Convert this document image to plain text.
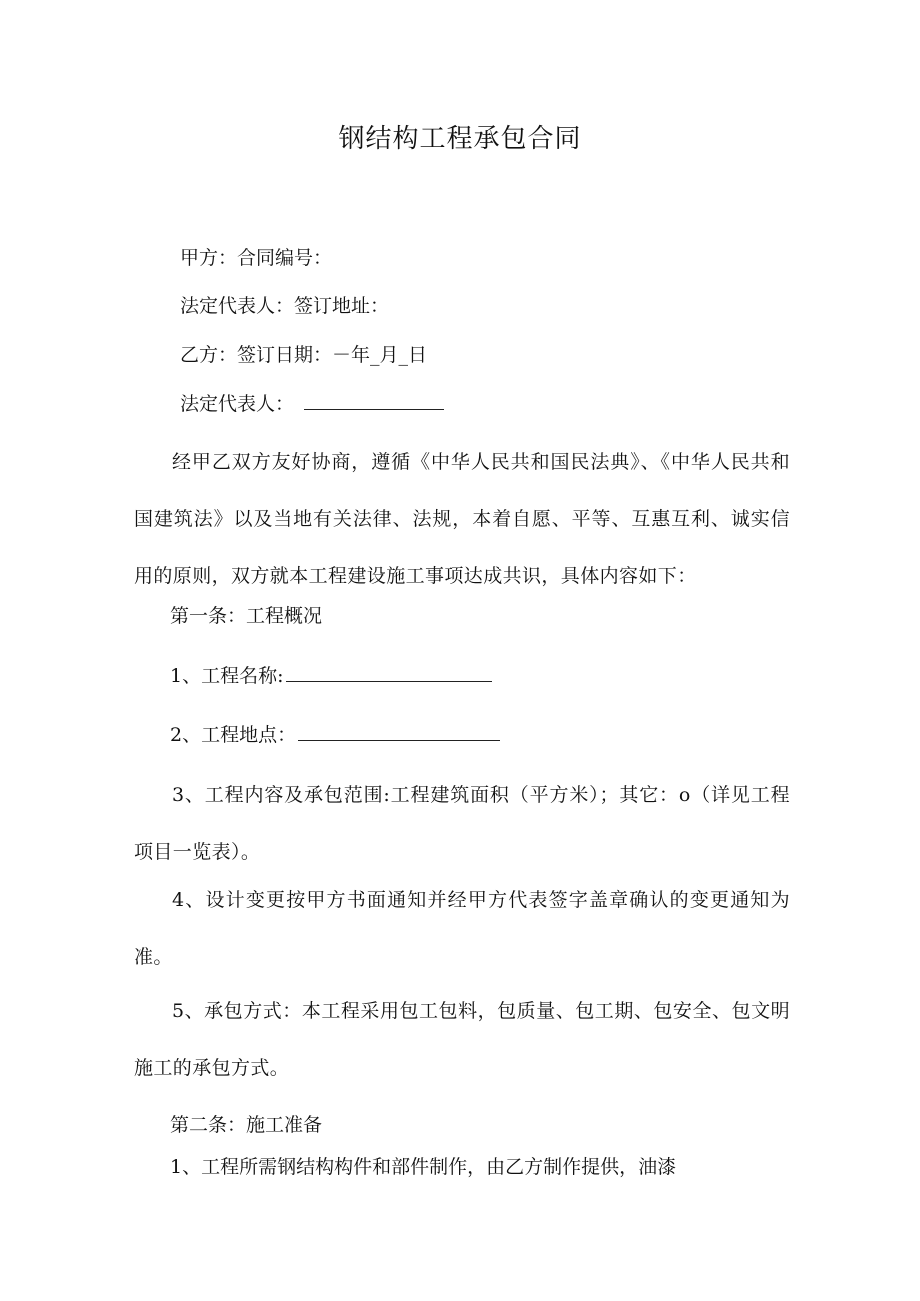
钢结构工程承包合同
甲方：合同编号：
法定代表人：签订地址：
乙方：签订日期：－年_月_日
法定代表人：
经甲乙双方友好协商，遵循《中华人民共和国民法典》、《中华人民共和国建筑法》以及当地有关法律、法规，本着自愿、平等、互惠互利、诚实信用的原则，双方就本工程建设施工事项达成共识，具体内容如下：
第一条：工程概况
1、工程名称:
2、工程地点：
3、工程内容及承包范围:工程建筑面积（平方米）；其它：o（详见工程项目一览表）。
4、设计变更按甲方书面通知并经甲方代表签字盖章确认的变更通知为准。
5、承包方式：本工程采用包工包料，包质量、包工期、包安全、包文明施工的承包方式。
第二条：施工准备
1、工程所需钢结构构件和部件制作，由乙方制作提供，油漆
